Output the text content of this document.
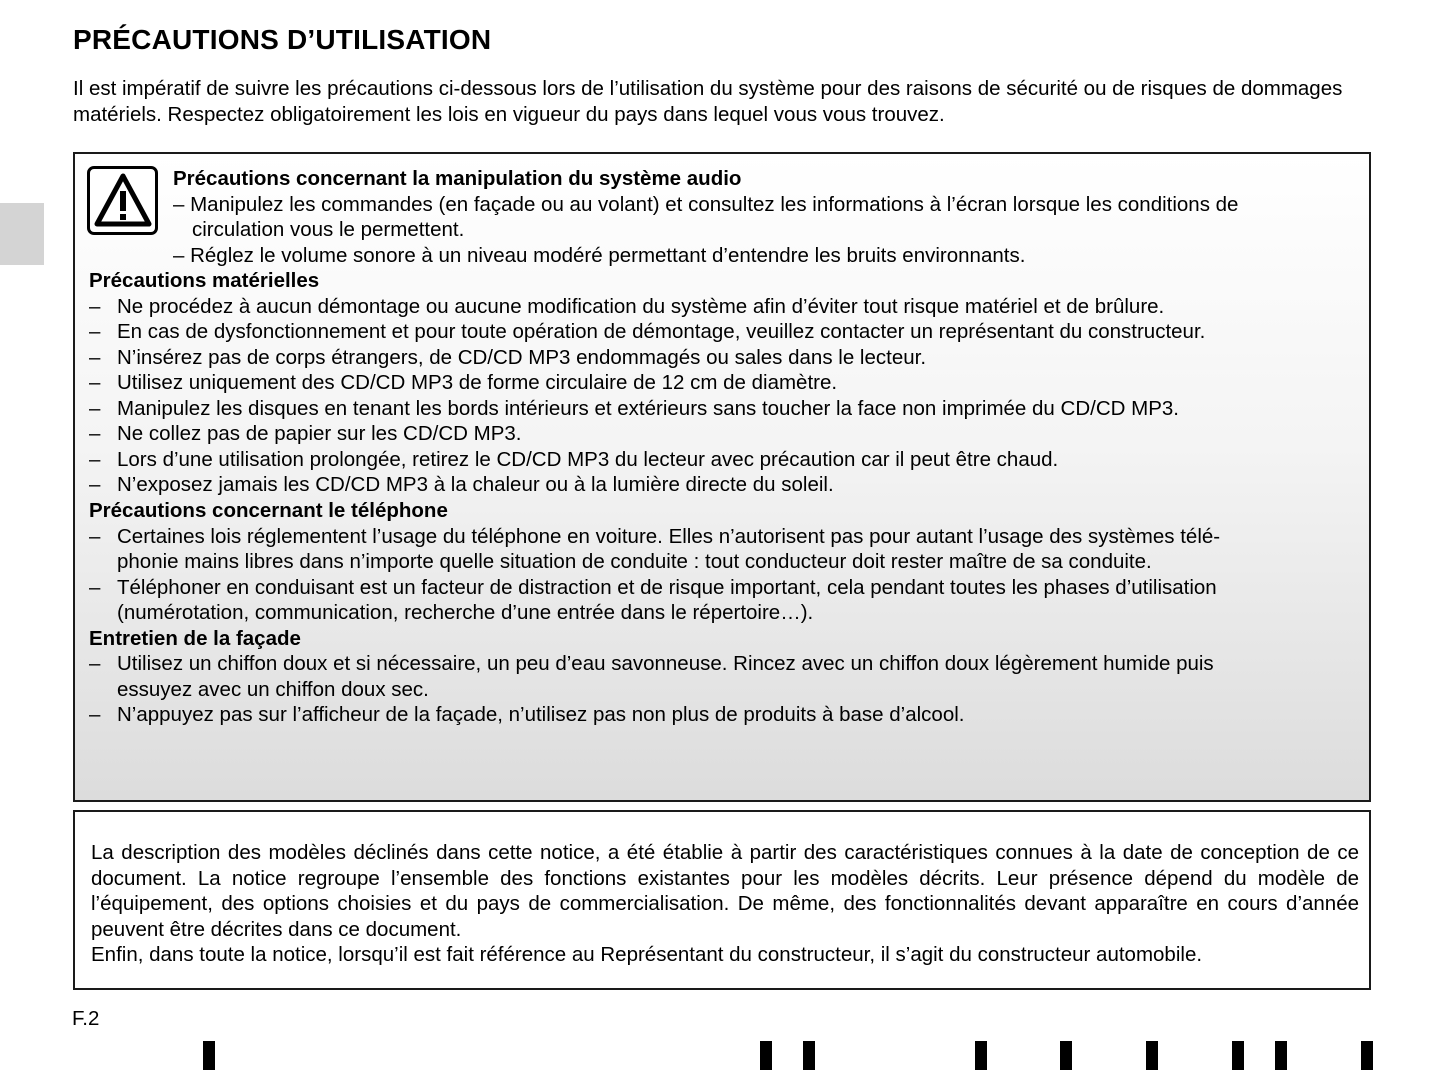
PRÉCAUTIONS D’UTILISATION

Il est impératif de suivre les précautions ci-dessous lors de l’utilisation du système pour des raisons de sécurité ou de risques de dommages matériels. Respectez obligatoirement les lois en vigueur du pays dans lequel vous vous trouvez.

Précautions concernant la manipulation du système audio
– Manipulez les commandes (en façade ou au volant) et consultez les informations à l’écran lorsque les conditions de
circulation vous le permettent.
– Réglez le volume sonore à un niveau modéré permettant d’entendre les bruits environnants.
Précautions matérielles
– Ne procédez à aucun démontage ou aucune modification du système afin d’éviter tout risque matériel et de brûlure.
– En cas de dysfonctionnement et pour toute opération de démontage, veuillez contacter un représentant du constructeur.
– N’insérez pas de corps étrangers, de CD/CD MP3 endommagés ou sales dans le lecteur.
– Utilisez uniquement des CD/CD MP3 de forme circulaire de 12 cm de diamètre.
– Manipulez les disques en tenant les bords intérieurs et extérieurs sans toucher la face non imprimée du CD/CD MP3.
– Ne collez pas de papier sur les CD/CD MP3.
– Lors d’une utilisation prolongée, retirez le CD/CD MP3 du lecteur avec précaution car il peut être chaud.
– N’exposez jamais les CD/CD MP3 à la chaleur ou à la lumière directe du soleil.
Précautions concernant le téléphone
– Certaines lois réglementent l’usage du téléphone en voiture. Elles n’autorisent pas pour autant l’usage des systèmes télé-
phonie mains libres dans n’importe quelle situation de conduite : tout conducteur doit rester maître de sa conduite.
– Téléphoner en conduisant est un facteur de distraction et de risque important, cela pendant toutes les phases d’utilisation
(numérotation, communication, recherche d’une entrée dans le répertoire…).
Entretien de la façade
– Utilisez un chiffon doux et si nécessaire, un peu d’eau savonneuse. Rincez avec un chiffon doux légèrement humide puis
essuyez avec un chiffon doux sec.
– N’appuyez pas sur l’afficheur de la façade, n’utilisez pas non plus de produits à base d’alcool.
La description des modèles déclinés dans cette notice, a été établie à partir des caractéristiques connues à la date de conception de ce document. La notice regroupe l’ensemble des fonctions existantes pour les modèles décrits. Leur présence dépend du modèle de l’équipement, des options choisies et du pays de commercialisation. De même, des fonctionnalités devant apparaître en cours d’année peuvent être décrites dans ce document.
Enfin, dans toute la notice, lorsqu’il est fait référence au Représentant du constructeur, il s’agit du constructeur automobile.
F.2
